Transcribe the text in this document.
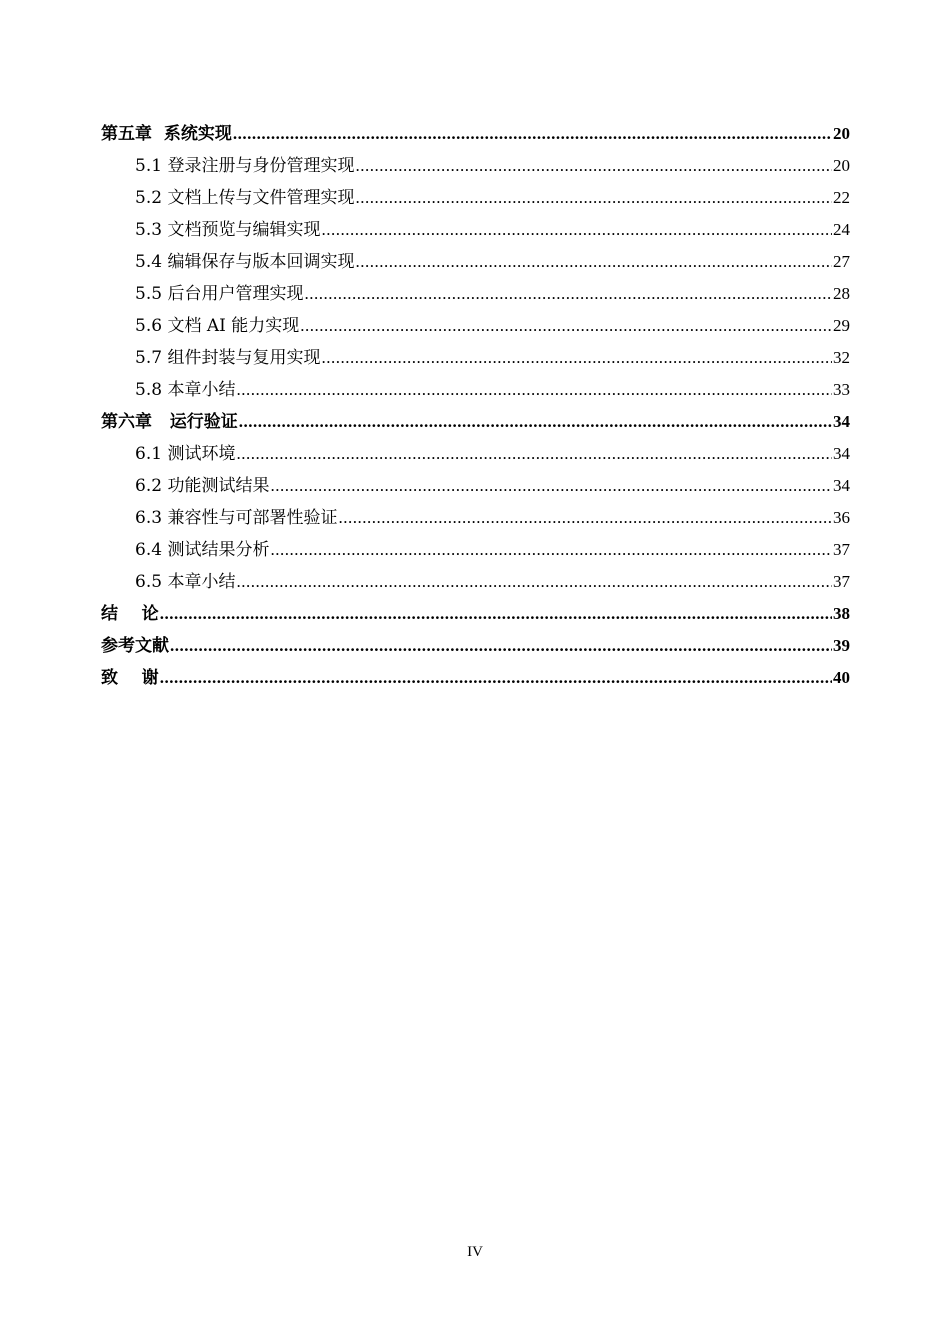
第五章  系统实现 .....	20
5.1 登录注册与身份管理实现 .....	20
5.2 文档上传与文件管理实现 .....	22
5.3 文档预览与编辑实现 .....	24
5.4 编辑保存与版本回调实现 .....	27
5.5 后台用户管理实现 .....	28
5.6 文档 AI 能力实现 .....	29
5.7 组件封装与复用实现 .....	32
5.8 本章小结 .....	33
第六章   运行验证 .....	34
6.1 测试环境 .....	34
6.2 功能测试结果 .....	34
6.3 兼容性与可部署性验证 .....	36
6.4 测试结果分析 .....	37
6.5 本章小结 .....	37
结    论 .....	38
参考文献 .....	39
致    谢 .....	40
IV
